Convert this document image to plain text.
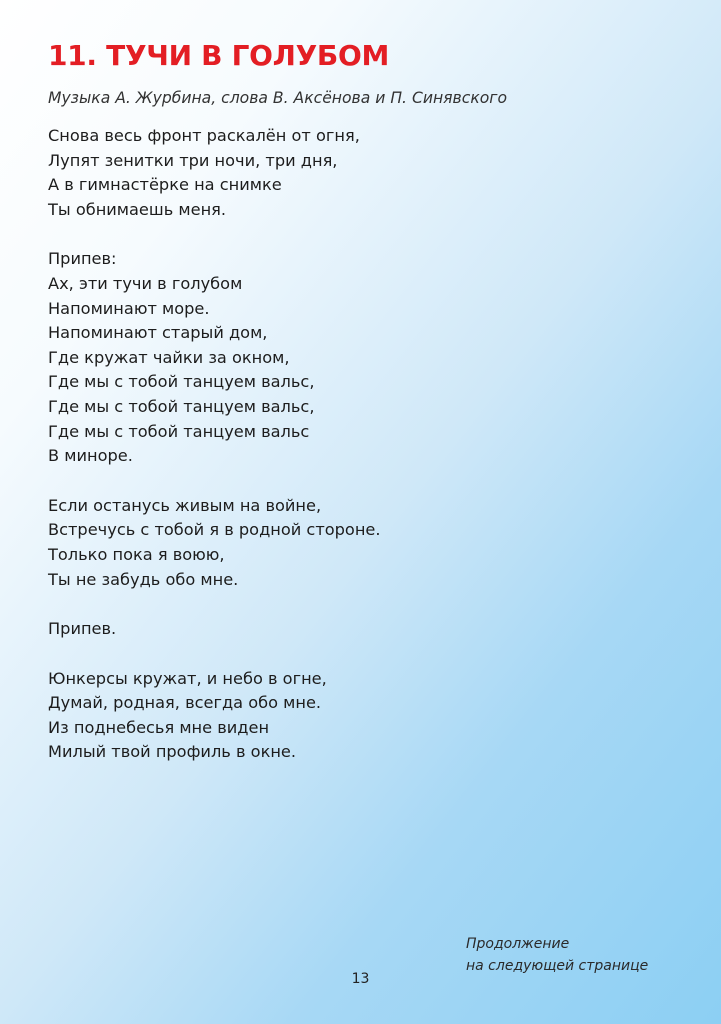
11. ТУЧИ В ГОЛУБОМ

Музыка А. Журбина, слова В. Аксёнова и П. Синявского

Снова весь фронт раскалён от огня,
Лупят зенитки три ночи, три дня,
А в гимнастёрке на снимке
Ты обнимаешь меня.
Припев:
Ах, эти тучи в голубом
Напоминают море.
Напоминают старый дом,
Где кружат чайки за окном,
Где мы с тобой танцуем вальс,
Где мы с тобой танцуем вальс,
Где мы с тобой танцуем вальс
В миноре.
Если останусь живым на войне,
Встречусь с тобой я в родной стороне.
Только пока я воюю,
Ты не забудь обо мне.
Припев.
Юнкерсы кружат, и небо в огне,
Думай, родная, всегда обо мне.
Из поднебесья мне виден
Милый твой профиль в окне.
Продолжение
на следующей странице
13
